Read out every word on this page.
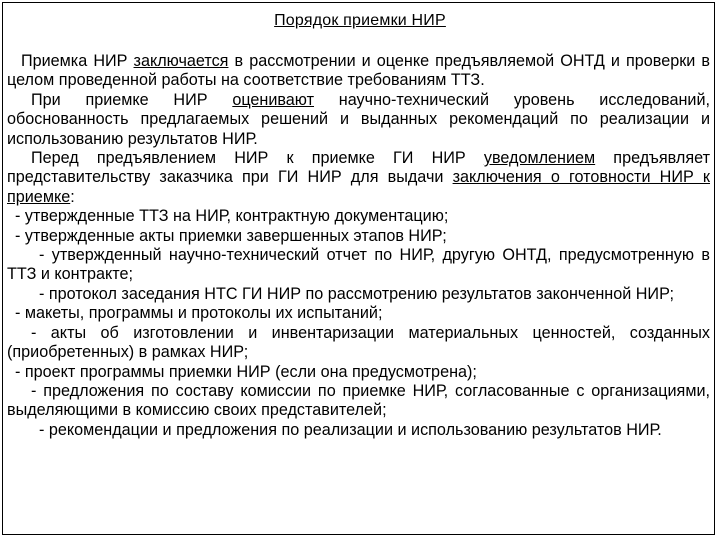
Порядок приемки НИР

Приемка НИР заключается в рассмотрении и оценке предъявляемой ОНТД и проверки в целом проведенной работы на соответствие требованиям ТТЗ.

При приемке НИР оценивают научно-технический уровень исследований, обоснованность предлагаемых решений и выданных рекомендаций по реализации и использованию результатов НИР.

Перед предъявлением НИР к приемке ГИ НИР уведомлением предъявляет представительству заказчика при ГИ НИР для выдачи заключения о готовности НИР к приемке:

- утвержденные ТТЗ на НИР, контрактную документацию;

- утвержденные акты приемки завершенных этапов НИР;

- утвержденный научно-технический отчет по НИР, другую ОНТД, предусмотренную в ТТЗ и контракте;

- протокол заседания НТС ГИ НИР по рассмотрению результатов законченной НИР;

- макеты, программы и протоколы их испытаний;

- акты об изготовлении и инвентаризации материальных ценностей, созданных (приобретенных) в рамках НИР;

- проект программы приемки НИР (если она предусмотрена);

- предложения по составу комиссии по приемке НИР, согласованные с организациями, выделяющими в комиссию своих представителей;

- рекомендации и предложения по реализации и использованию результатов НИР.
